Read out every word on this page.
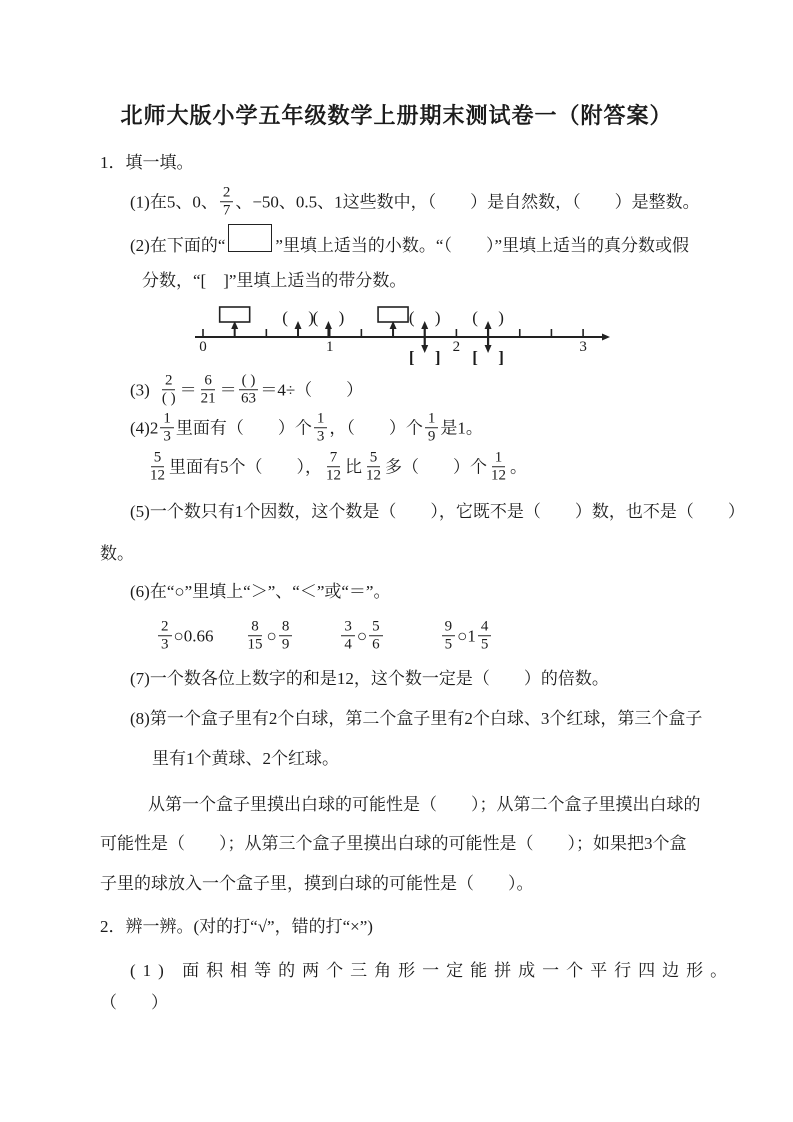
北师大版小学五年级数学上册期末测试卷一（附答案）
1．填一填。
(1)在5、0、 $\frac{2}{7}$ 、−50、0.5、1这些数中，（　　）是自然数，（　　）是整数。
(2)在下面的“	”里填上适当的小数。“（　　）”里填上适当的真分数或假
分数，“[　]”里填上适当的带分数。
$(3) \frac{2}{( )} = \frac{6}{21} = \frac{( )}{63} =4\div$（　　）
$(4)2 \frac{1}{3}$ 里面有（　　）个 $\frac{1}{3}$ ，（　　）个 $\frac{1}{9}$ 是1。
$\frac{5}{12}$ 里面有5个（　　）， $\frac{7}{12}$ 比 $\frac{5}{12}$ 多（　　）个 $\frac{1}{12}$ 。
(5)一个数只有1个因数，这个数是（　　），它既不是（　　）数，也不是（　　）
数。
(6)在“○”里填上“＞”、“＜”或“＝”。
$\frac{2}{3}$ ○0.66 $\frac{8}{15}$ ○ $\frac{8}{9}$	$\frac{3}{4}$ ○ $\frac{5}{6}$	$\frac{9}{5}$ ○1 $\frac{4}{5}$
(7)一个数各位上数字的和是12，这个数一定是（　　）的倍数。
(8)第一个盒子里有2个白球，第二个盒子里有2个白球、3个红球，第三个盒子
里有1个黄球、2个红球。
从第一个盒子里摸出白球的可能性是（　　）；从第二个盒子里摸出白球的
可能性是（　　）；从第三个盒子里摸出白球的可能性是（　　）；如果把3个盒
子里的球放入一个盒子里，摸到白球的可能性是（　　）。
2．辨一辨。(对的打“√”，错的打“×”)
(1) 面积相等的两个三角形一定能拼成一个平行四边形。
（　　）
0	1	2	3
( )
( )	( ) ( )
[ ] [ ]
